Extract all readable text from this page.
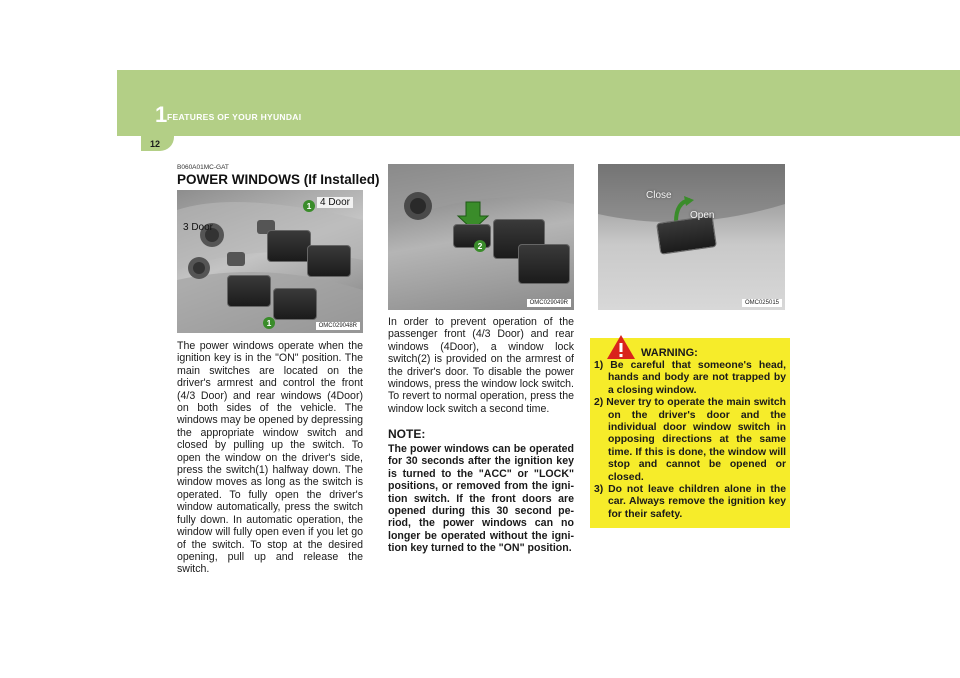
1 FEATURES OF YOUR HYUNDAI
12
B060A01MC-GAT
POWER WINDOWS (If Installed)
4 Door
3 Door
1
1	OMC029048R
2
OMC029049R
Close
Open
OMC025015
The power windows operate when the ignition key is in the "ON" position. The main switches are located on the driver's armrest and control the front (4/3 Door) and rear windows (4Door) on both sides of the vehicle. The windows may be opened by depressing the appropriate window switch and closed by pulling up the switch. To open the window on the driver's side, press the switch(1) halfway down. The window moves as long as the switch is operated. To fully open the driver's window automatically, press the switch fully down. In automatic operation, the window will fully open even if you let go of the switch. To stop at the desired opening, pull up and release the switch.
In order to prevent operation of the passenger front (4/3 Door) and rear windows (4Door), a window lock switch(2) is provided on the armrest of the driver's door. To disable the power windows, press the window lock switch. To revert to normal operation, press the window lock switch a second time.
NOTE:
The power windows can be operated for 30 seconds after the ignition key is turned to the "ACC" or "LOCK" positions, or removed from the igni-tion switch. If the front doors are opened during this 30 second pe-riod, the power windows can no longer be operated without the igni-tion key turned to the "ON" position.
1) Be careful that someone's head, hands and body are not trapped by a closing window.
2) Never try to operate the main switch on the driver's door and the individual door window switch in opposing directions at the same time. If this is done, the window will stop and cannot be opened or closed.
3) Do not leave children alone in the car. Always remove the ignition key for their safety.
WARNING:
